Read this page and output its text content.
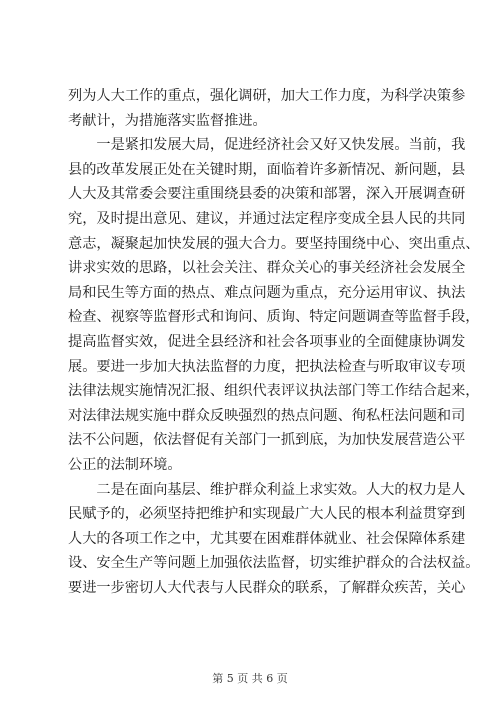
列为人大工作的重点，强化调研，加大工作力度，为科学决策参
考献计，为措施落实监督推进。
　　一是紧扣发展大局，促进经济社会又好又快发展。当前，我
县的改革发展正处在关键时期，面临着许多新情况、新问题，县
人大及其常委会要注重围绕县委的决策和部署，深入开展调查研
究，及时提出意见、建议，并通过法定程序变成全县人民的共同
意志，凝聚起加快发展的强大合力。要坚持围绕中心、突出重点、
讲求实效的思路，以社会关注、群众关心的事关经济社会发展全
局和民生等方面的热点、难点问题为重点，充分运用审议、执法
检查、视察等监督形式和询问、质询、特定问题调查等监督手段，
提高监督实效，促进全县经济和社会各项事业的全面健康协调发
展。要进一步加大执法监督的力度，把执法检查与听取审议专项
法律法规实施情况汇报、组织代表评议执法部门等工作结合起来，
对法律法规实施中群众反映强烈的热点问题、徇私枉法问题和司
法不公问题，依法督促有关部门一抓到底，为加快发展营造公平
公正的法制环境。
　　二是在面向基层、维护群众利益上求实效。人大的权力是人
民赋予的，必须坚持把维护和实现最广大人民的根本利益贯穿到
人大的各项工作之中，尤其要在困难群体就业、社会保障体系建
设、安全生产等问题上加强依法监督，切实维护群众的合法权益。
要进一步密切人大代表与人民群众的联系，了解群众疾苦，关心
第 5 页 共 6 页
